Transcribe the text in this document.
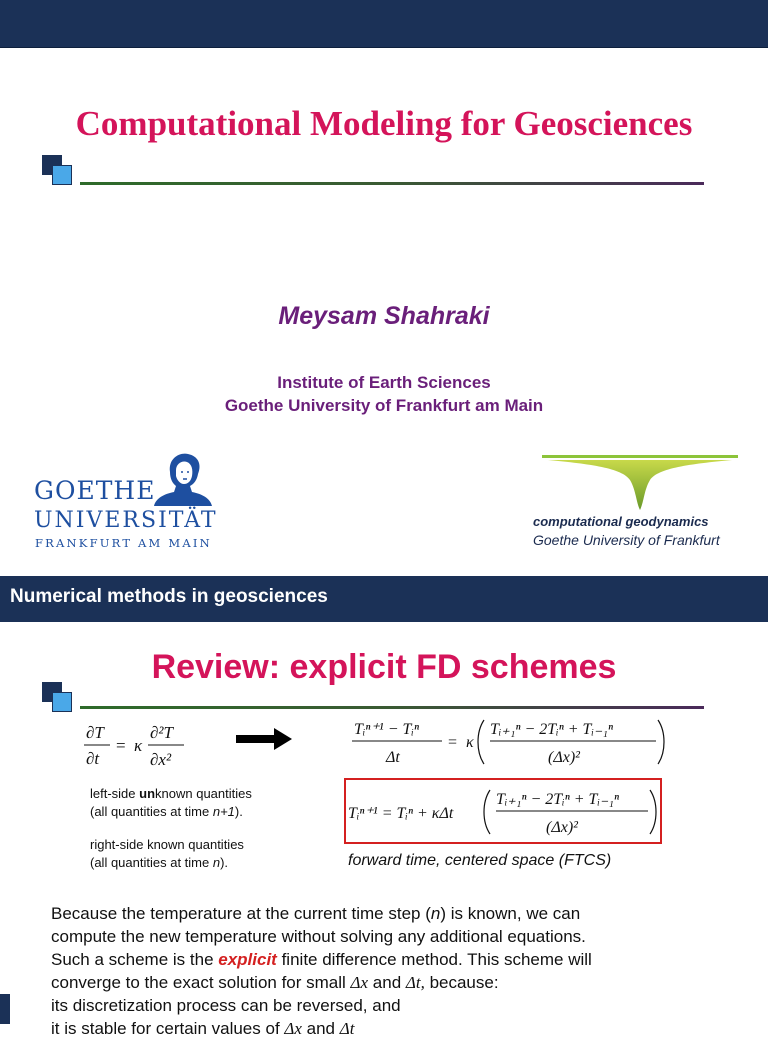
Computational Modeling for Geosciences
Meysam Shahraki
Institute of Earth Sciences
Goethe University of Frankfurt am Main
GOETHE
UNIVERSITÄT
FRANKFURT AM MAIN
computational geodynamics
Goethe University of Frankfurt
Numerical methods in geosciences
Review: explicit FD schemes
∂T
∂t
= κ
∂²T
∂x²
Tᵢⁿ⁺¹ − Tᵢⁿ
Δt
= κ
Tᵢ₊₁ⁿ − 2Tᵢⁿ + Tᵢ₋₁ⁿ
(Δx)²
Tᵢⁿ⁺¹ = Tᵢⁿ + κΔt
Tᵢ₊₁ⁿ − 2Tᵢⁿ + Tᵢ₋₁ⁿ
(Δx)²
left-side unknown quantities
(all quantities at time n+1).
right-side known quantities
(all quantities at time n).	forward time, centered space (FTCS)
Because the temperature at the current time step (n) is known, we can
compute the new temperature without solving any additional equations.
Such a scheme is the explicit finite difference method. This scheme will
converge to the exact solution for small Δx and Δt, because:
its discretization process can be reversed, and
it is stable for certain values of Δx and Δt
